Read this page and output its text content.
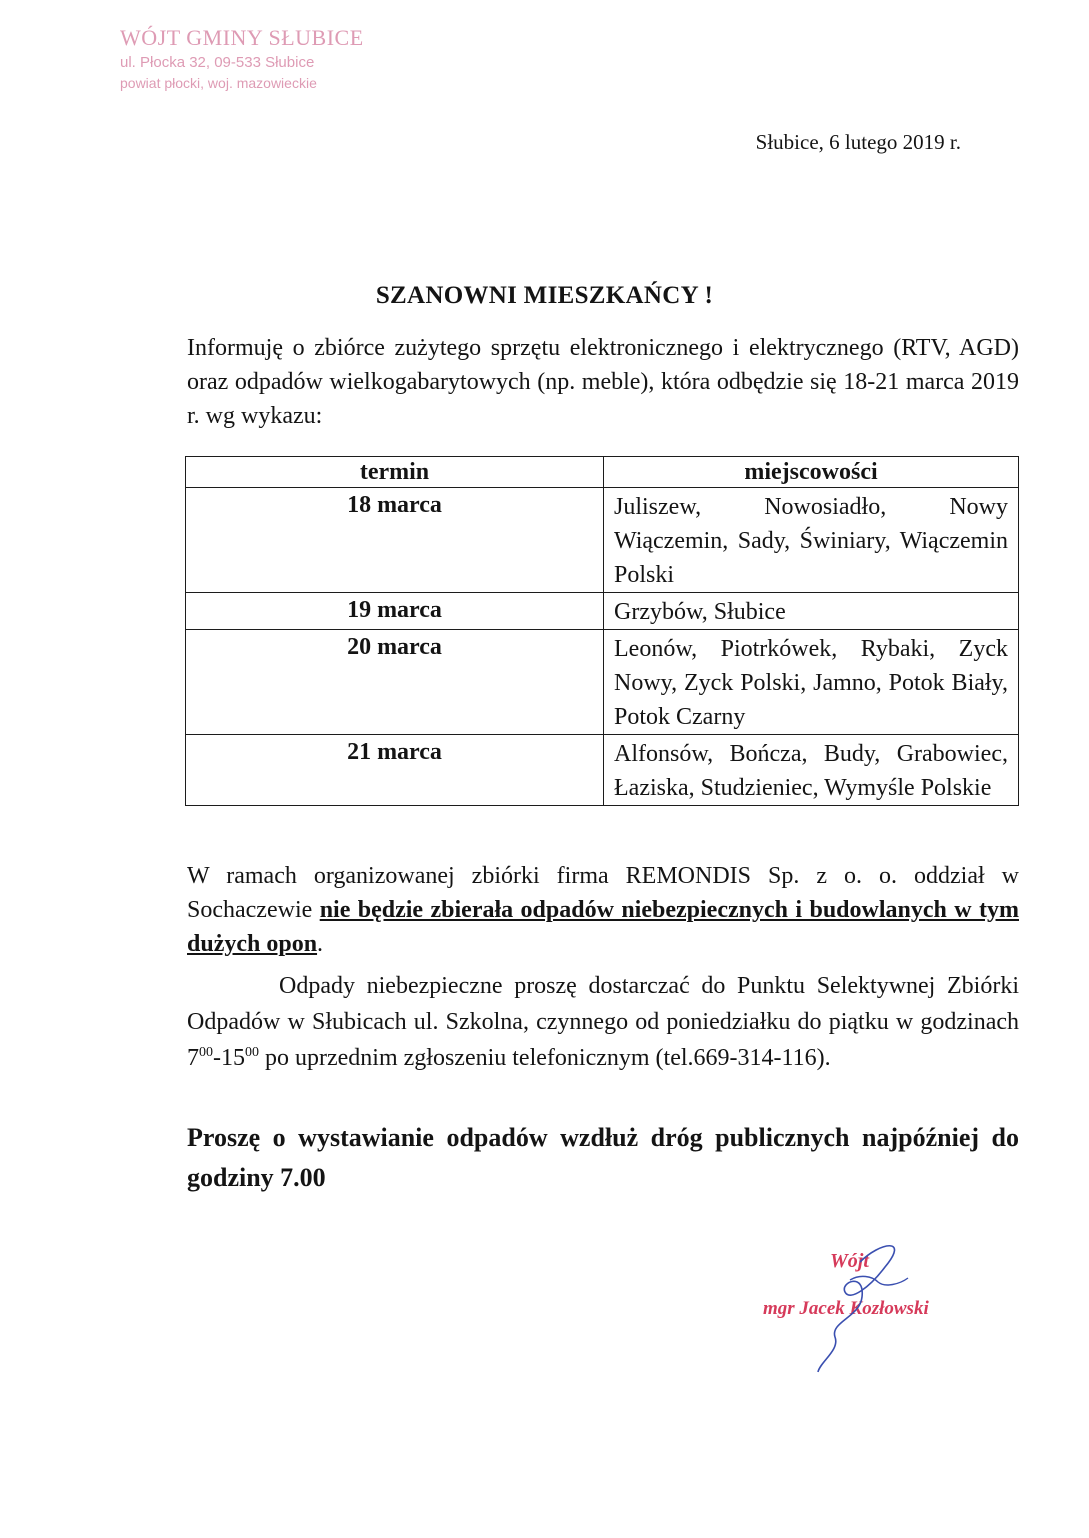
WÓJT GMINY SŁUBICE
ul. Płocka 32, 09-533 Słubice
powiat płocki, woj. mazowieckie
Słubice, 6 lutego 2019 r.
SZANOWNI MIESZKAŃCY !
Informuję o zbiórce zużytego sprzętu elektronicznego i elektrycznego (RTV, AGD) oraz odpadów wielkogabarytowych (np. meble), która odbędzie się 18-21 marca 2019 r. wg wykazu:
termin	miejscowości
18 marca	Juliszew, Nowosiadło, Nowy Wiączemin, Sady, Świniary, Wiączemin Polski
19 marca	Grzybów, Słubice
20 marca	Leonów, Piotrkówek, Rybaki, Zyck Nowy, Zyck Polski, Jamno, Potok Biały, Potok Czarny
21 marca	Alfonsów, Bończa, Budy, Grabowiec, Łaziska, Studzieniec, Wymyśle Polskie
W ramach organizowanej zbiórki firma REMONDIS Sp. z o. o. oddział w Sochaczewie nie będzie zbierała odpadów niebezpiecznych i budowlanych w tym dużych opon.
Odpady niebezpieczne proszę dostarczać do Punktu Selektywnej Zbiórki Odpadów w Słubicach ul. Szkolna, czynnego od poniedziałku do piątku w godzinach $7^{00}-15^{00}$ po uprzednim zgłoszeniu telefonicznym (tel.669-314-116).
Proszę o wystawianie odpadów wzdłuż dróg publicznych najpóźniej do godziny 7.00
Wójt
mgr Jacek Kozłowski
